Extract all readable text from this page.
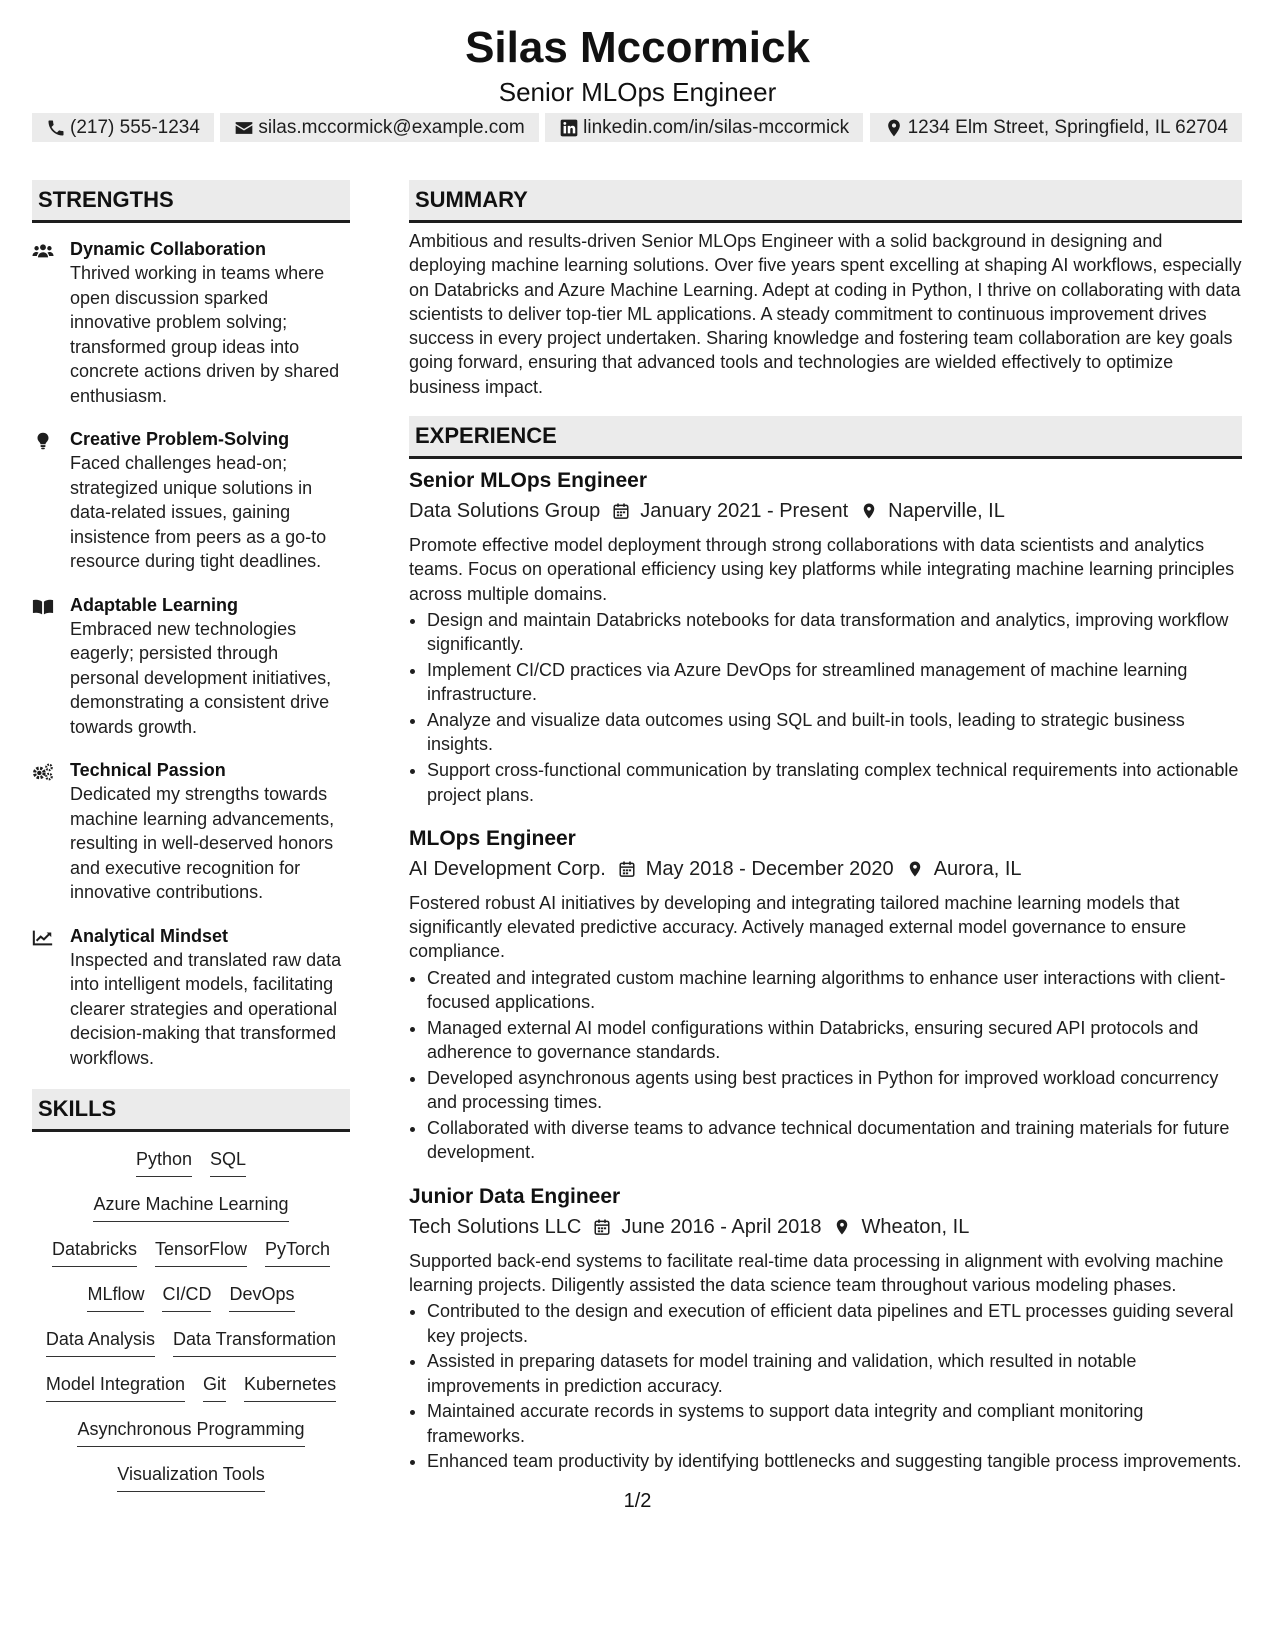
Silas Mccormick
Senior MLOps Engineer
(217) 555-1234	silas.mccormick@example.com	linkedin.com/in/silas-mccormick	1234 Elm Street, Springfield, IL 62704
STRENGTHS
Dynamic Collaboration
Thrived working in teams where open discussion sparked innovative problem solving; transformed group ideas into concrete actions driven by shared enthusiasm.
Creative Problem-Solving
Faced challenges head-on; strategized unique solutions in data-related issues, gaining insistence from peers as a go-to resource during tight deadlines.
Adaptable Learning
Embraced new technologies eagerly; persisted through personal development initiatives, demonstrating a consistent drive towards growth.
Technical Passion
Dedicated my strengths towards machine learning advancements, resulting in well-deserved honors and executive recognition for innovative contributions.
Analytical Mindset
Inspected and translated raw data into intelligent models, facilitating clearer strategies and operational decision-making that transformed workflows.
SKILLS
Python SQL
Azure Machine Learning
Databricks TensorFlow PyTorch
MLflow CI/CD DevOps
Data Analysis Data Transformation
Model Integration Git Kubernetes
Asynchronous Programming
Visualization Tools
SUMMARY
Ambitious and results-driven Senior MLOps Engineer with a solid background in designing and deploying machine learning solutions. Over five years spent excelling at shaping AI workflows, especially on Databricks and Azure Machine Learning. Adept at coding in Python, I thrive on collaborating with data scientists to deliver top-tier ML applications. A steady commitment to continuous improvement drives success in every project undertaken. Sharing knowledge and fostering team collaboration are key goals going forward, ensuring that advanced tools and technologies are wielded effectively to optimize business impact.
EXPERIENCE
Senior MLOps Engineer
Data Solutions Group January 2021 - Present Naperville, IL
Promote effective model deployment through strong collaborations with data scientists and analytics teams. Focus on operational efficiency using key platforms while integrating machine learning principles across multiple domains.
• Design and maintain Databricks notebooks for data transformation and analytics, improving workflow significantly.
• Implement CI/CD practices via Azure DevOps for streamlined management of machine learning infrastructure.
• Analyze and visualize data outcomes using SQL and built-in tools, leading to strategic business insights.
• Support cross-functional communication by translating complex technical requirements into actionable project plans.
MLOps Engineer
AI Development Corp. May 2018 - December 2020 Aurora, IL
Fostered robust AI initiatives by developing and integrating tailored machine learning models that significantly elevated predictive accuracy. Actively managed external model governance to ensure compliance.
• Created and integrated custom machine learning algorithms to enhance user interactions with client-focused applications.
• Managed external AI model configurations within Databricks, ensuring secured API protocols and adherence to governance standards.
• Developed asynchronous agents using best practices in Python for improved workload concurrency and processing times.
• Collaborated with diverse teams to advance technical documentation and training materials for future development.
Junior Data Engineer
Tech Solutions LLC June 2016 - April 2018 Wheaton, IL
Supported back-end systems to facilitate real-time data processing in alignment with evolving machine learning projects. Diligently assisted the data science team throughout various modeling phases.
• Contributed to the design and execution of efficient data pipelines and ETL processes guiding several key projects.
• Assisted in preparing datasets for model training and validation, which resulted in notable improvements in prediction accuracy.
• Maintained accurate records in systems to support data integrity and compliant monitoring frameworks.
• Enhanced team productivity by identifying bottlenecks and suggesting tangible process improvements.
1/2
